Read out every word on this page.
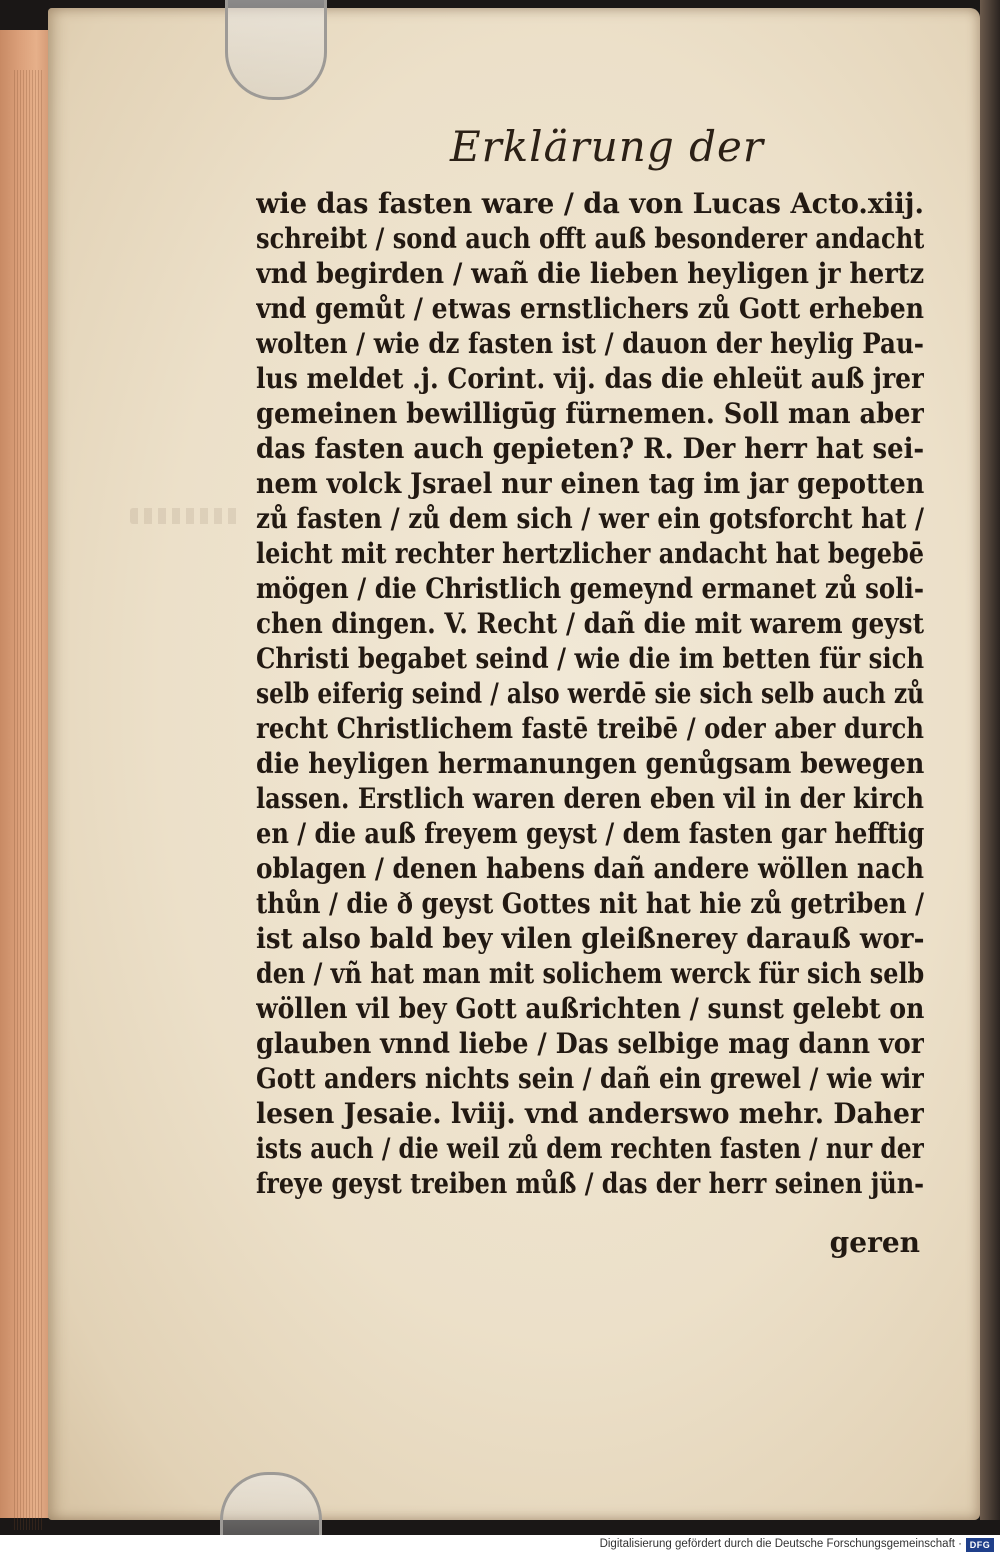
Erklärung der
wie das fasten ware / da von Lucas Acto.xiij.
schreibt / sond auch offt auß besonderer andacht
vnd begirden / wañ die lieben heyligen jr hertz
vnd gemůt / etwas ernstlichers zů Gott erheben
wolten / wie dz fasten ist / dauon der heylig Pau-
lus meldet .j. Corint. vij. das die ehleüt auß jrer
gemeinen bewilligūg fürnemen. Soll man aber
das fasten auch gepieten? R. Der herr hat sei-
nem volck Jsrael nur einen tag im jar gepotten
zů fasten / zů dem sich / wer ein gotsforcht hat /
leicht mit rechter hertzlicher andacht hat begebē
mögen / die Christlich gemeynd ermanet zů soli-
chen dingen. V. Recht / dañ die mit warem geyst
Christi begabet seind / wie die im betten für sich
selb eiferig seind / also werdē sie sich selb auch zů
recht Christlichem fastē treibē / oder aber durch
die heyligen hermanungen genůgsam bewegen
lassen. Erstlich waren deren eben vil in der kirch
en / die auß freyem geyst / dem fasten gar hefftig
oblagen / denen habens dañ andere wöllen nach
thůn / die ð geyst Gottes nit hat hie zů getriben /
ist also bald bey vilen gleißnerey darauß wor-
den / vñ hat man mit solichem werck für sich selb
wöllen vil bey Gott außrichten / sunst gelebt on
glauben vnnd liebe / Das selbige mag dann vor
Gott anders nichts sein / dañ ein grewel / wie wir
lesen Jesaie. lviij. vnd anderswo mehr. Daher
ists auch / die weil zů dem rechten fasten / nur der
freye geyst treiben můß / das der herr seinen jün-
geren
Digitalisierung gefördert durch die Deutsche Forschungsgemeinschaft · DFG
